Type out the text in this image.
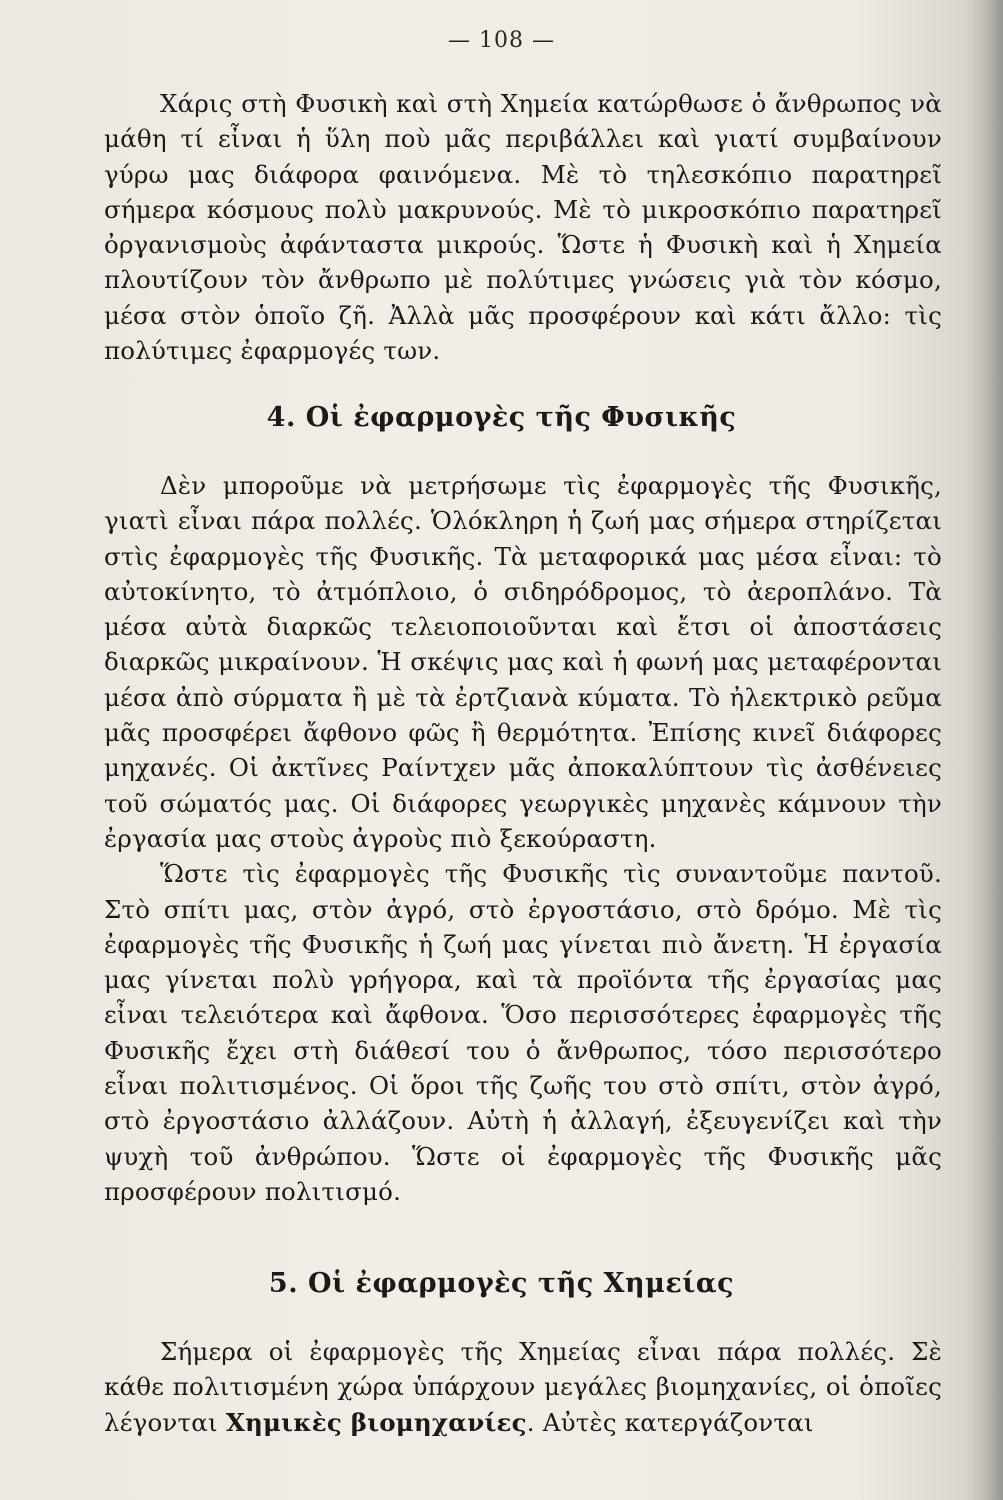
— 108 —

Χάρις στὴ Φυσικὴ καὶ στὴ Χημεία κατώρθωσε ὁ ἄνθρωπος νὰ μάθη τί εἶναι ἡ ὕλη ποὺ μᾶς περιβάλλει καὶ γιατί συμβαίνουν γύρω μας διάφορα φαινόμενα. Μὲ τὸ τηλεσκόπιο παρατηρεῖ σήμερα κόσμους πολὺ μακρυνούς. Μὲ τὸ μικροσκόπιο παρατηρεῖ ὀργανισμοὺς ἀφάνταστα μικρούς. Ὥστε ἡ Φυσικὴ καὶ ἡ Χημεία πλουτίζουν τὸν ἄνθρωπο μὲ πολύτιμες γνώσεις γιὰ τὸν κόσμο, μέσα στὸν ὁποῖο ζῆ. Ἀλλὰ μᾶς προσφέρουν καὶ κάτι ἄλλο: τὶς πολύτιμες ἐφαρμογές των.

4. Οἱ ἐφαρμογὲς τῆς Φυσικῆς

Δὲν μποροῦμε νὰ μετρήσωμε τὶς ἐφαρμογὲς τῆς Φυσικῆς, γιατὶ εἶναι πάρα πολλές. Ὁλόκληρη ἡ ζωή μας σήμερα στηρίζεται στὶς ἐφαρμογὲς τῆς Φυσικῆς. Τὰ μεταφορικά μας μέσα εἶναι: τὸ αὐτοκίνητο, τὸ ἀτμόπλοιο, ὁ σιδηρόδρομος, τὸ ἀεροπλάνο. Τὰ μέσα αὐτὰ διαρκῶς τελειοποιοῦνται καὶ ἔτσι οἱ ἀποστάσεις διαρκῶς μικραίνουν. Ἡ σκέψις μας καὶ ἡ φωνή μας μεταφέρονται μέσα ἀπὸ σύρματα ἢ μὲ τὰ ἐρτζιανὰ κύματα. Τὸ ἠλεκτρικὸ ρεῦμα μᾶς προσφέρει ἄφθονο φῶς ἢ θερμότητα. Ἐπίσης κινεῖ διάφορες μηχανές. Οἱ ἀκτῖνες Ραίντχεν μᾶς ἀποκαλύπτουν τὶς ἀσθένειες τοῦ σώματός μας. Οἱ διάφορες γεωργικὲς μηχανὲς κάμνουν τὴν ἐργασία μας στοὺς ἀγροὺς πιὸ ξεκούραστη.

Ὥστε τὶς ἐφαρμογὲς τῆς Φυσικῆς τὶς συναντοῦμε παντοῦ. Στὸ σπίτι μας, στὸν ἀγρό, στὸ ἐργοστάσιο, στὸ δρόμο. Μὲ τὶς ἐφαρμογὲς τῆς Φυσικῆς ἡ ζωή μας γίνεται πιὸ ἄνετη. Ἡ ἐργασία μας γίνεται πολὺ γρήγορα, καὶ τὰ προϊόντα τῆς ἐργασίας μας εἶναι τελειότερα καὶ ἄφθονα. Ὅσο περισσότερες ἐφαρμογὲς τῆς Φυσικῆς ἔχει στὴ διάθεσί του ὁ ἄνθρωπος, τόσο περισσότερο εἶναι πολιτισμένος. Οἱ ὅροι τῆς ζωῆς του στὸ σπίτι, στὸν ἀγρό, στὸ ἐργοστάσιο ἀλλάζουν. Αὐτὴ ἡ ἀλλαγή, ἐξευγενίζει καὶ τὴν ψυχὴ τοῦ ἀνθρώπου. Ὥστε οἱ ἐφαρμογὲς τῆς Φυσικῆς μᾶς προσφέρουν πολιτισμό.

5. Οἱ ἐφαρμογὲς τῆς Χημείας

Σήμερα οἱ ἐφαρμογὲς τῆς Χημείας εἶναι πάρα πολλές. Σὲ κάθε πολιτισμένη χώρα ὑπάρχουν μεγάλες βιομηχανίες, οἱ ὁποῖες λέγονται Χημικὲς βιομηχανίες. Αὐτὲς κατεργάζονται
